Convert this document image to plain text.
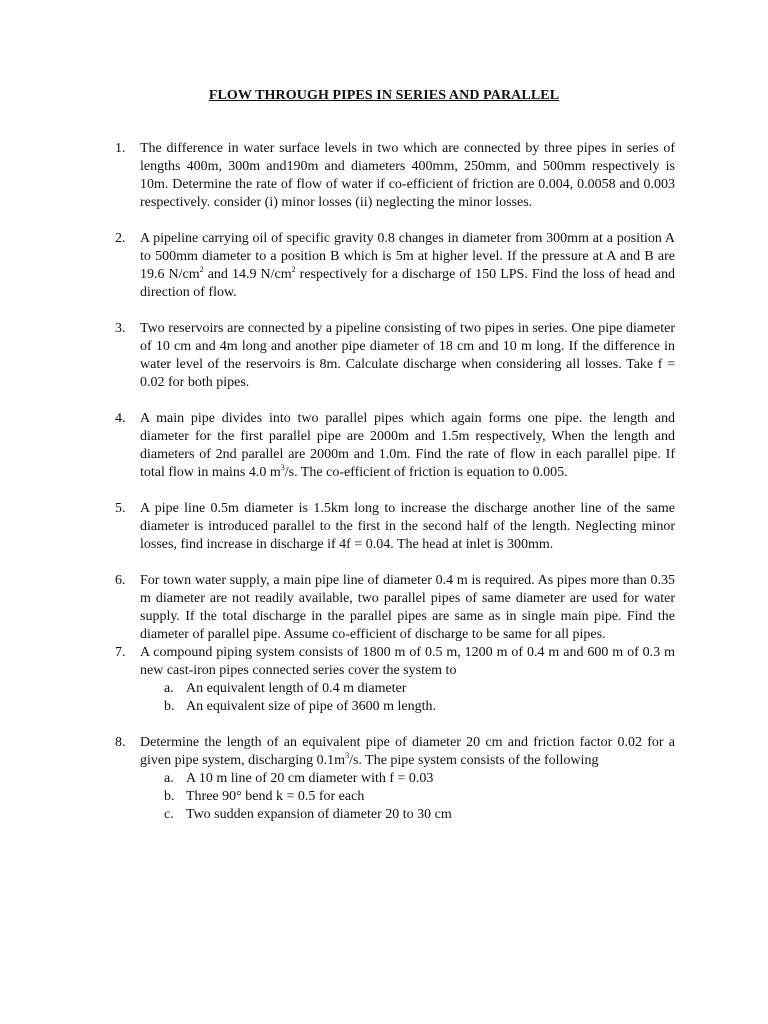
FLOW THROUGH PIPES IN SERIES AND PARALLEL
1. The difference in water surface levels in two which are connected by three pipes in series of lengths 400m, 300m and190m and diameters 400mm, 250mm, and 500mm respectively is 10m. Determine the rate of flow of water if co-efficient of friction are 0.004, 0.0058 and 0.003 respectively. consider (i) minor losses (ii) neglecting the minor losses.
2. A pipeline carrying oil of specific gravity 0.8 changes in diameter from 300mm at a position A to 500mm diameter to a position B which is 5m at higher level. If the pressure at A and B are 19.6 $N/cm^2$ and 14.9 $N/cm^2$ respectively for a discharge of 150 LPS. Find the loss of head and direction of flow.
3. Two reservoirs are connected by a pipeline consisting of two pipes in series. One pipe diameter of 10 cm and 4m long and another pipe diameter of 18 cm and 10 m long. If the difference in water level of the reservoirs is 8m. Calculate discharge when considering all losses. Take f = 0.02 for both pipes.
4. A main pipe divides into two parallel pipes which again forms one pipe. the length and diameter for the first parallel pipe are 2000m and 1.5m respectively, When the length and diameters of 2nd parallel are 2000m and 1.0m. Find the rate of flow in each parallel pipe. If total flow in mains 4.0 $m^3/s$. The co-efficient of friction is equation to 0.005.
5. A pipe line 0.5m diameter is 1.5km long to increase the discharge another line of the same diameter is introduced parallel to the first in the second half of the length. Neglecting minor losses, find increase in discharge if 4f = 0.04. The head at inlet is 300mm.
6. For town water supply, a main pipe line of diameter 0.4 m is required. As pipes more than 0.35 m diameter are not readily available, two parallel pipes of same diameter are used for water supply. If the total discharge in the parallel pipes are same as in single main pipe. Find the diameter of parallel pipe. Assume co-efficient of discharge to be same for all pipes.
7. A compound piping system consists of 1800 m of 0.5 m, 1200 m of 0.4 m and 600 m of 0.3 m new cast-iron pipes connected series cover the system to
a. An equivalent length of 0.4 m diameter
b. An equivalent size of pipe of 3600 m length.
8. Determine the length of an equivalent pipe of diameter 20 cm and friction factor 0.02 for a given pipe system, discharging $0.1m^3/s$. The pipe system consists of the following
a. A 10 m line of 20 cm diameter with f = 0.03
b. Three 90° bend k = 0.5 for each
c. Two sudden expansion of diameter 20 to 30 cm
